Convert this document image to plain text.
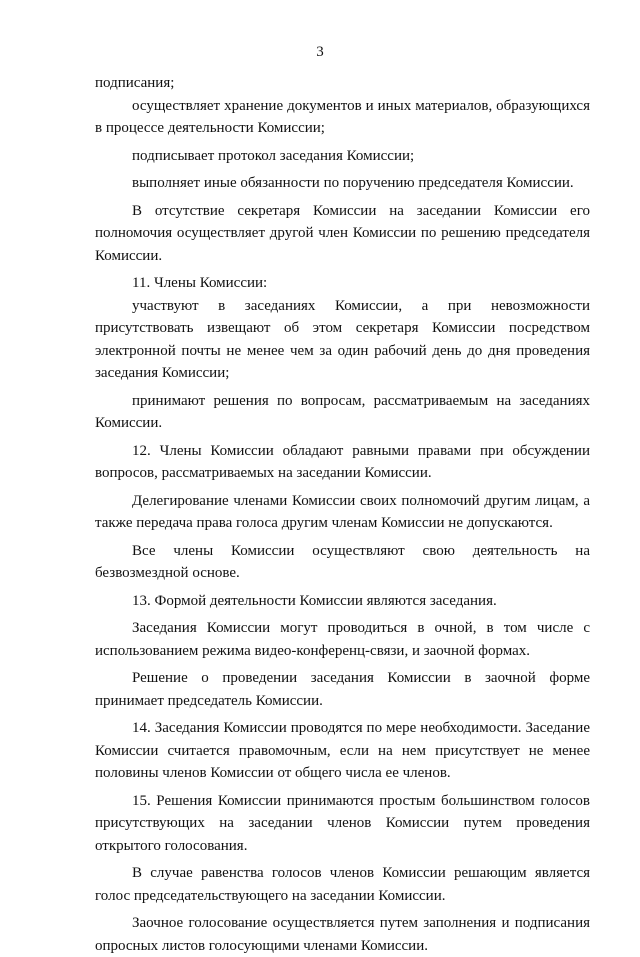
3

подписания;

осуществляет хранение документов и иных материалов, образующихся в процессе деятельности Комиссии;

подписывает протокол заседания Комиссии;

выполняет иные обязанности по поручению председателя Комиссии.

В отсутствие секретаря Комиссии на заседании Комиссии его полномочия осуществляет другой член Комиссии по решению председателя Комиссии.

11. Члены Комиссии:

участвуют в заседаниях Комиссии, а при невозможности присутствовать извещают об этом секретаря Комиссии посредством электронной почты не менее чем за один рабочий день до дня проведения заседания Комиссии;

принимают решения по вопросам, рассматриваемым на заседаниях Комиссии.

12. Члены Комиссии обладают равными правами при обсуждении вопросов, рассматриваемых на заседании Комиссии.

Делегирование членами Комиссии своих полномочий другим лицам, а также передача права голоса другим членам Комиссии не допускаются.

Все члены Комиссии осуществляют свою деятельность на безвозмездной основе.

13. Формой деятельности Комиссии являются заседания.

Заседания Комиссии могут проводиться в очной, в том числе с использованием режима видео-конференц-связи, и заочной формах.

Решение о проведении заседания Комиссии в заочной форме принимает председатель Комиссии.

14. Заседания Комиссии проводятся по мере необходимости. Заседание Комиссии считается правомочным, если на нем присутствует не менее половины членов Комиссии от общего числа ее членов.

15. Решения Комиссии принимаются простым большинством голосов присутствующих на заседании членов Комиссии путем проведения открытого голосования.

В случае равенства голосов членов Комиссии решающим является голос председательствующего на заседании Комиссии.

Заочное голосование осуществляется путем заполнения и подписания опросных листов голосующими членами Комиссии.
